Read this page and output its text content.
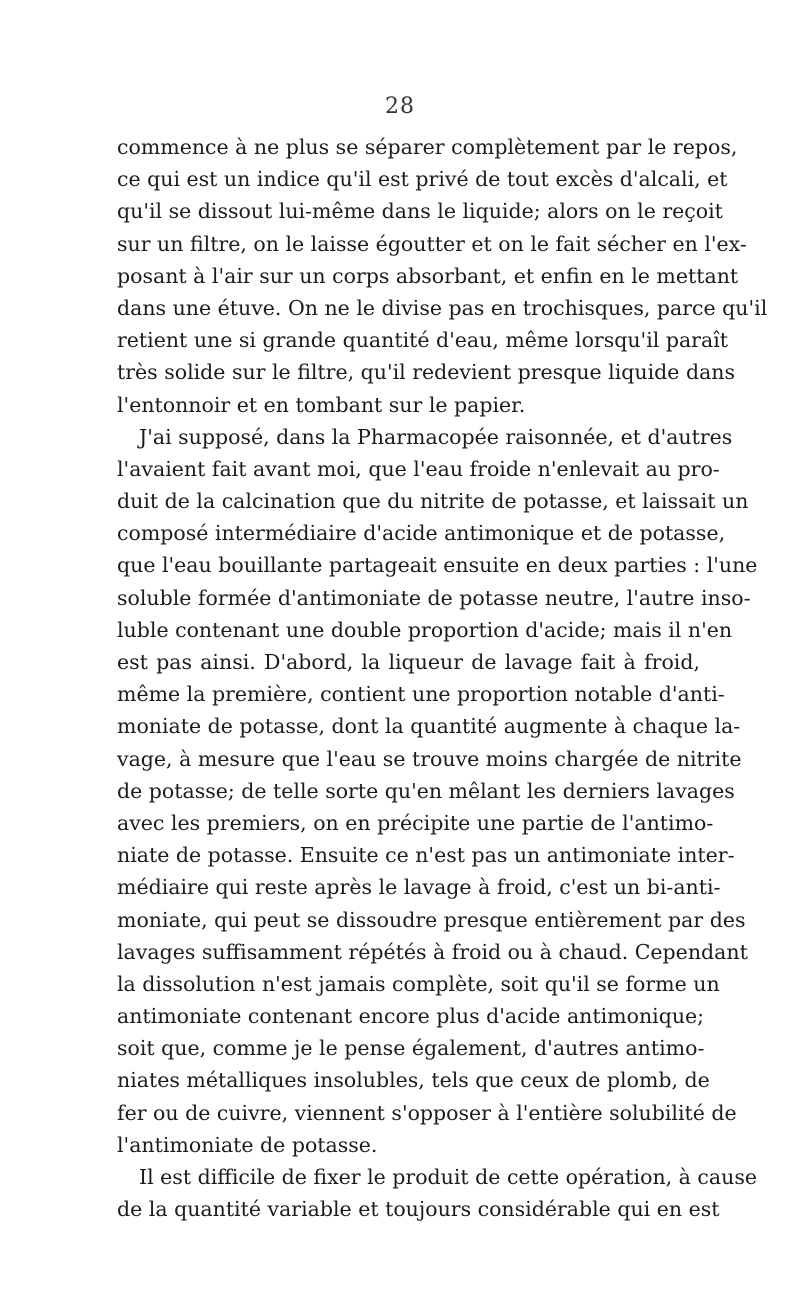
28
commence à ne plus se séparer complètement par le repos,
ce qui est un indice qu'il est privé de tout excès d'alcali, et
qu'il se dissout lui-même dans le liquide; alors on le reçoit
sur un filtre, on le laisse égoutter et on le fait sécher en l'ex-
posant à l'air sur un corps absorbant, et enfin en le mettant
dans une étuve. On ne le divise pas en trochisques, parce qu'il
retient une si grande quantité d'eau, même lorsqu'il paraît
très solide sur le filtre, qu'il redevient presque liquide dans
l'entonnoir et en tombant sur le papier.
J'ai supposé, dans la Pharmacopée raisonnée, et d'autres
l'avaient fait avant moi, que l'eau froide n'enlevait au pro-
duit de la calcination que du nitrite de potasse, et laissait un
composé intermédiaire d'acide antimonique et de potasse,
que l'eau bouillante partageait ensuite en deux parties : l'une
soluble formée d'antimoniate de potasse neutre, l'autre inso-
luble contenant une double proportion d'acide; mais il n'en
est pas ainsi. D'abord, la liqueur de lavage fait à froid,
même la première, contient une proportion notable d'anti-
moniate de potasse, dont la quantité augmente à chaque la-
vage, à mesure que l'eau se trouve moins chargée de nitrite
de potasse; de telle sorte qu'en mêlant les derniers lavages
avec les premiers, on en précipite une partie de l'antimo-
niate de potasse. Ensuite ce n'est pas un antimoniate inter-
médiaire qui reste après le lavage à froid, c'est un bi-anti-
moniate, qui peut se dissoudre presque entièrement par des
lavages suffisamment répétés à froid ou à chaud. Cependant
la dissolution n'est jamais complète, soit qu'il se forme un
antimoniate contenant encore plus d'acide antimonique;
soit que, comme je le pense également, d'autres antimo-
niates métalliques insolubles, tels que ceux de plomb, de
fer ou de cuivre, viennent s'opposer à l'entière solubilité de
l'antimoniate de potasse.
Il est difficile de fixer le produit de cette opération, à cause
de la quantité variable et toujours considérable qui en est
